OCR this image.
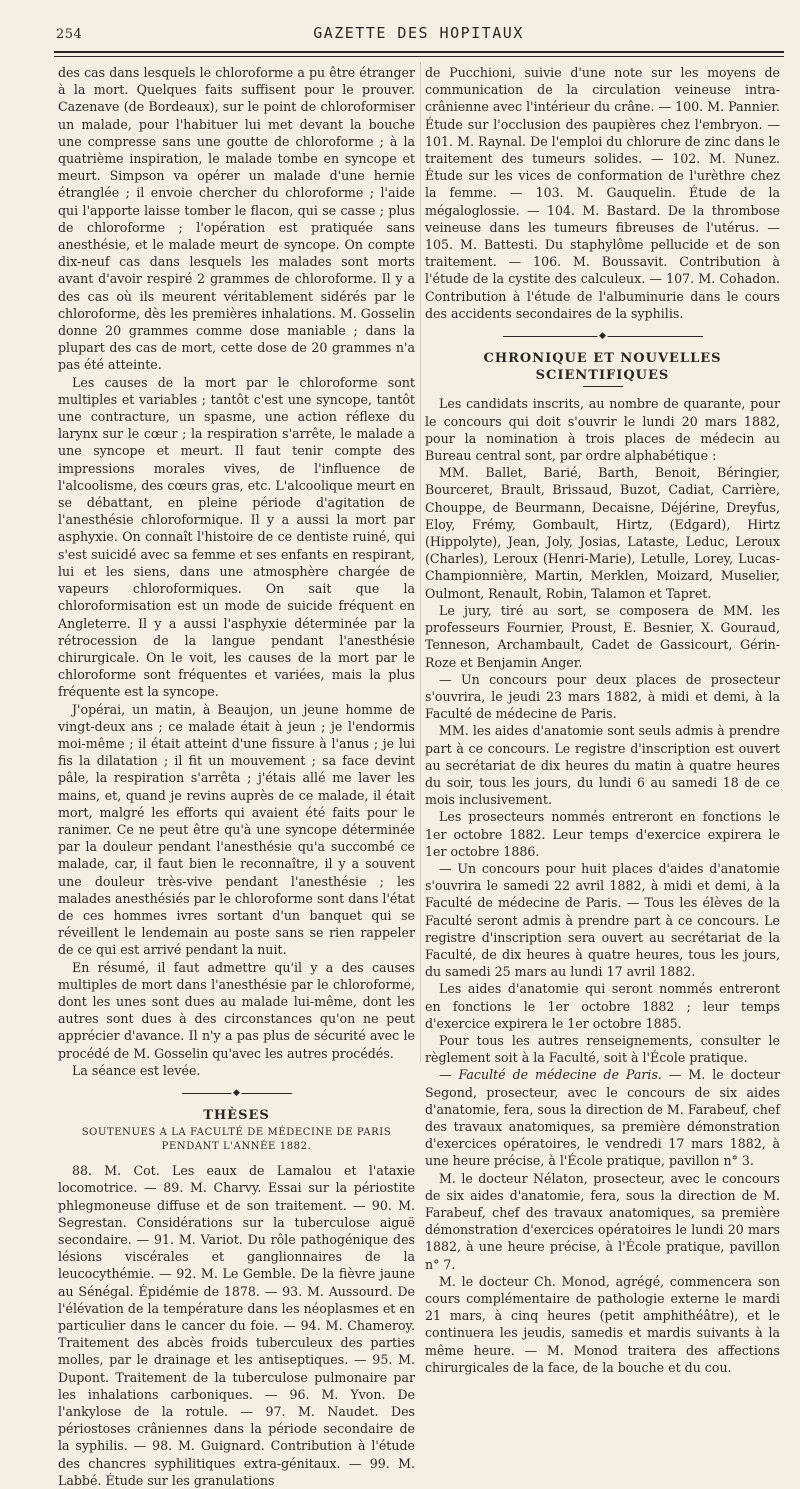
254	GAZETTE DES HOPITAUX

des cas dans lesquels le chloroforme a pu être étranger à la mort. Quelques faits suffisent pour le prouver. Cazenave (de Bordeaux), sur le point de chloroformiser un malade, pour l'habituer lui met devant la bouche une compresse sans une goutte de chloroforme ; à la quatrième inspiration, le malade tombe en syncope et meurt. Simpson va opérer un malade d'une hernie étranglée ; il envoie chercher du chloroforme ; l'aide qui l'apporte laisse tomber le flacon, qui se casse ; plus de chloroforme ; l'opération est pratiquée sans anesthésie, et le malade meurt de syncope. On compte dix-neuf cas dans lesquels les malades sont morts avant d'avoir respiré 2 grammes de chloroforme. Il y a des cas où ils meurent véritablement sidérés par le chloroforme, dès les premières inhalations. M. Gosselin donne 20 grammes comme dose maniable ; dans la plupart des cas de mort, cette dose de 20 grammes n'a pas été atteinte.

Les causes de la mort par le chloroforme sont multiples et variables ; tantôt c'est une syncope, tantôt une contracture, un spasme, une action réflexe du larynx sur le cœur ; la respiration s'arrête, le malade a une syncope et meurt. Il faut tenir compte des impressions morales vives, de l'influence de l'alcoolisme, des cœurs gras, etc. L'alcoolique meurt en se débattant, en pleine période d'agitation de l'anesthésie chloroformique. Il y a aussi la mort par asphyxie. On connaît l'histoire de ce dentiste ruiné, qui s'est suicidé avec sa femme et ses enfants en respirant, lui et les siens, dans une atmosphère chargée de vapeurs chloroformiques. On sait que la chloroformisation est un mode de suicide fréquent en Angleterre. Il y a aussi l'asphyxie déterminée par la rétrocession de la langue pendant l'anesthésie chirurgicale. On le voit, les causes de la mort par le chloroforme sont fréquentes et variées, mais la plus fréquente est la syncope.

J'opérai, un matin, à Beaujon, un jeune homme de vingt-deux ans ; ce malade était à jeun ; je l'endormis moi-même ; il était atteint d'une fissure à l'anus ; je lui fis la dilatation ; il fit un mouvement ; sa face devint pâle, la respiration s'arrêta ; j'étais allé me laver les mains, et, quand je revins auprès de ce malade, il était mort, malgré les efforts qui avaient été faits pour le ranimer. Ce ne peut être qu'à une syncope déterminée par la douleur pendant l'anesthésie qu'a succombé ce malade, car, il faut bien le reconnaître, il y a souvent une douleur très-vive pendant l'anesthésie ; les malades anesthésiés par le chloroforme sont dans l'état de ces hommes ivres sortant d'un banquet qui se réveillent le lendemain au poste sans se rien rappeler de ce qui est arrivé pendant la nuit.

En résumé, il faut admettre qu'il y a des causes multiples de mort dans l'anesthésie par le chloroforme, dont les unes sont dues au malade lui-même, dont les autres sont dues à des circonstances qu'on ne peut apprécier d'avance. Il n'y a pas plus de sécurité avec le procédé de M. Gosselin qu'avec les autres procédés.

La séance est levée.

◆
THÈSES
SOUTENUES A LA FACULTÉ DE MÉDECINE DE PARIS
PENDANT L'ANNÉE 1882.

88. M. Cot. Les eaux de Lamalou et l'ataxie locomotrice. — 89. M. Charvy. Essai sur la périostite phlegmoneuse diffuse et de son traitement. — 90. M. Segrestan. Considérations sur la tuberculose aiguë secondaire. — 91. M. Variot. Du rôle pathogénique des lésions viscérales et ganglionnaires de la leucocythémie. — 92. M. Le Gemble. De la fièvre jaune au Sénégal. Épidémie de 1878. — 93. M. Aussourd. De l'élévation de la température dans les néoplasmes et en particulier dans le cancer du foie. — 94. M. Chameroy. Traitement des abcès froids tuberculeux des parties molles, par le drainage et les antiseptiques. — 95. M. Dupont. Traitement de la tuberculose pulmonaire par les inhalations carboniques. — 96. M. Yvon. De l'ankylose de la rotule. — 97. M. Naudet. Des périostoses crâniennes dans la période secondaire de la syphilis. — 98. M. Guignard. Contribution à l'étude des chancres syphilitiques extra-génitaux. — 99. M. Labbé. Étude sur les granulations

de Pucchioni, suivie d'une note sur les moyens de communication de la circulation veineuse intra-crânienne avec l'intérieur du crâne. — 100. M. Pannier. Étude sur l'occlusion des paupières chez l'embryon. — 101. M. Raynal. De l'emploi du chlorure de zinc dans le traitement des tumeurs solides. — 102. M. Nunez. Étude sur les vices de conformation de l'urèthre chez la femme. — 103. M. Gauquelin. Étude de la mégaloglossie. — 104. M. Bastard. De la thrombose veineuse dans les tumeurs fibreuses de l'utérus. — 105. M. Battesti. Du staphylôme pellucide et de son traitement. — 106. M. Boussavit. Contribution à l'étude de la cystite des calculeux. — 107. M. Cohadon. Contribution à l'étude de l'albuminurie dans le cours des accidents secondaires de la syphilis.

◆
CHRONIQUE ET NOUVELLES SCIENTIFIQUES

Les candidats inscrits, au nombre de quarante, pour le concours qui doit s'ouvrir le lundi 20 mars 1882, pour la nomination à trois places de médecin au Bureau central sont, par ordre alphabétique :

MM. Ballet, Barié, Barth, Benoit, Béringier, Bourceret, Brault, Brissaud, Buzot, Cadiat, Carrière, Chouppe, de Beurmann, Decaisne, Déjérine, Dreyfus, Eloy, Frémy, Gombault, Hirtz, (Edgard), Hirtz (Hippolyte), Jean, Joly, Josias, Lataste, Leduc, Leroux (Charles), Leroux (Henri-Marie), Letulle, Lorey, Lucas-Championnière, Martin, Merklen, Moizard, Muselier, Oulmont, Renault, Robin, Talamon et Tapret.

Le jury, tiré au sort, se composera de MM. les professeurs Fournier, Proust, E. Besnier, X. Gouraud, Tenneson, Archambault, Cadet de Gassicourt, Gérin-Roze et Benjamin Anger.

— Un concours pour deux places de prosecteur s'ouvrira, le jeudi 23 mars 1882, à midi et demi, à la Faculté de médecine de Paris.

MM. les aides d'anatomie sont seuls admis à prendre part à ce concours. Le registre d'inscription est ouvert au secrétariat de dix heures du matin à quatre heures du soir, tous les jours, du lundi 6 au samedi 18 de ce mois inclusivement.

Les prosecteurs nommés entreront en fonctions le 1er octobre 1882. Leur temps d'exercice expirera le 1er octobre 1886.

— Un concours pour huit places d'aides d'anatomie s'ouvrira le samedi 22 avril 1882, à midi et demi, à la Faculté de médecine de Paris. — Tous les élèves de la Faculté seront admis à prendre part à ce concours. Le registre d'inscription sera ouvert au secrétariat de la Faculté, de dix heures à quatre heures, tous les jours, du samedi 25 mars au lundi 17 avril 1882.

Les aides d'anatomie qui seront nommés entreront en fonctions le 1er octobre 1882 ; leur temps d'exercice expirera le 1er octobre 1885.

Pour tous les autres renseignements, consulter le règlement soit à la Faculté, soit à l'École pratique.

— Faculté de médecine de Paris. — M. le docteur Segond, prosecteur, avec le concours de six aides d'anatomie, fera, sous la direction de M. Farabeuf, chef des travaux anatomiques, sa première démonstration d'exercices opératoires, le vendredi 17 mars 1882, à une heure précise, à l'École pratique, pavillon n° 3.

M. le docteur Nélaton, prosecteur, avec le concours de six aides d'anatomie, fera, sous la direction de M. Farabeuf, chef des travaux anatomiques, sa première démonstration d'exercices opératoires le lundi 20 mars 1882, à une heure précise, à l'École pratique, pavillon n° 7.

M. le docteur Ch. Monod, agrégé, commencera son cours complémentaire de pathologie externe le mardi 21 mars, à cinq heures (petit amphithéâtre), et le continuera les jeudis, samedis et mardis suivants à la même heure. — M. Monod traitera des affections chirurgicales de la face, de la bouche et du cou.
